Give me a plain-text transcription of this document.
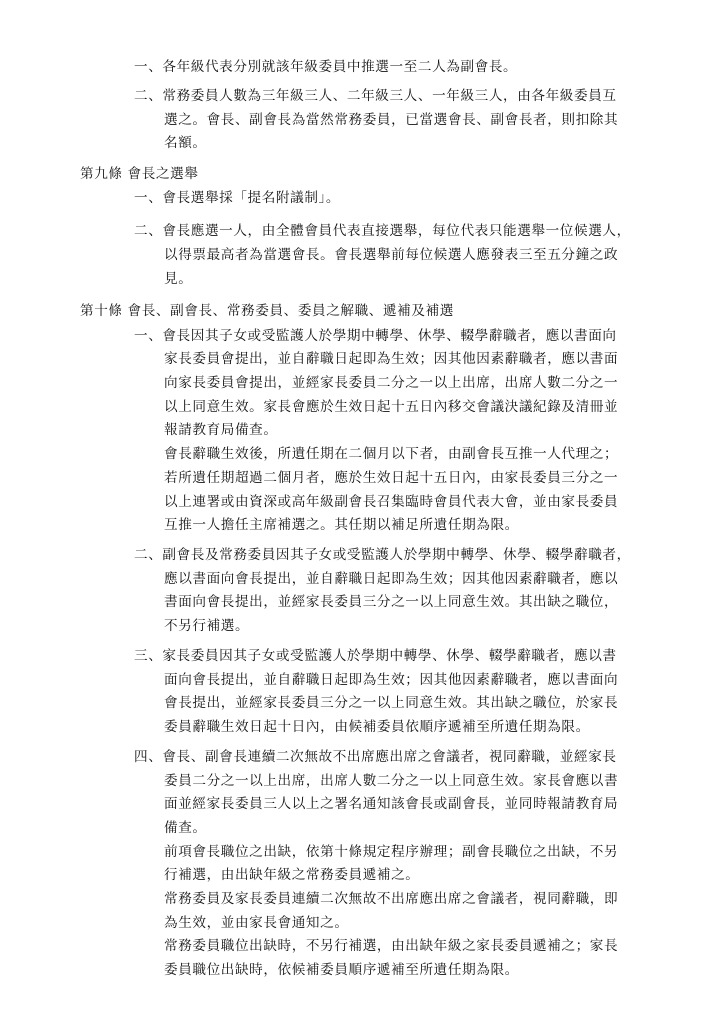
一、各年級代表分別就該年級委員中推選一至二人為副會長。
二、常務委員人數為三年級三人、二年級三人、一年級三人，由各年級委員互
選之。會長、副會長為當然常務委員，已當選會長、副會長者，則扣除其
名額。
第九條 會長之選舉
一、會長選舉採「提名附議制」。
二、會長應選一人，由全體會員代表直接選舉，每位代表只能選舉一位候選人，
以得票最高者為當選會長。會長選舉前每位候選人應發表三至五分鐘之政
見。
第十條 會長、副會長、常務委員、委員之解職、遞補及補選
一、會長因其子女或受監護人於學期中轉學、休學、輟學辭職者，應以書面向
家長委員會提出，並自辭職日起即為生效；因其他因素辭職者，應以書面
向家長委員會提出，並經家長委員二分之一以上出席，出席人數二分之一
以上同意生效。家長會應於生效日起十五日內移交會議決議紀錄及清冊並
報請教育局備查。
會長辭職生效後，所遺任期在二個月以下者，由副會長互推一人代理之；
若所遺任期超過二個月者，應於生效日起十五日內，由家長委員三分之一
以上連署或由資深或高年級副會長召集臨時會員代表大會，並由家長委員
互推一人擔任主席補選之。其任期以補足所遺任期為限。
二、副會長及常務委員因其子女或受監護人於學期中轉學、休學、輟學辭職者，
應以書面向會長提出，並自辭職日起即為生效；因其他因素辭職者，應以
書面向會長提出，並經家長委員三分之一以上同意生效。其出缺之職位，
不另行補選。
三、家長委員因其子女或受監護人於學期中轉學、休學、輟學辭職者，應以書
面向會長提出，並自辭職日起即為生效；因其他因素辭職者，應以書面向
會長提出，並經家長委員三分之一以上同意生效。其出缺之職位，於家長
委員辭職生效日起十日內，由候補委員依順序遞補至所遺任期為限。
四、會長、副會長連續二次無故不出席應出席之會議者，視同辭職，並經家長
委員二分之一以上出席，出席人數二分之一以上同意生效。家長會應以書
面並經家長委員三人以上之署名通知該會長或副會長，並同時報請教育局
備查。
前項會長職位之出缺，依第十條規定程序辦理；副會長職位之出缺，不另
行補選，由出缺年級之常務委員遞補之。
常務委員及家長委員連續二次無故不出席應出席之會議者，視同辭職，即
為生效，並由家長會通知之。
常務委員職位出缺時，不另行補選，由出缺年級之家長委員遞補之；家長
委員職位出缺時，依候補委員順序遞補至所遺任期為限。
